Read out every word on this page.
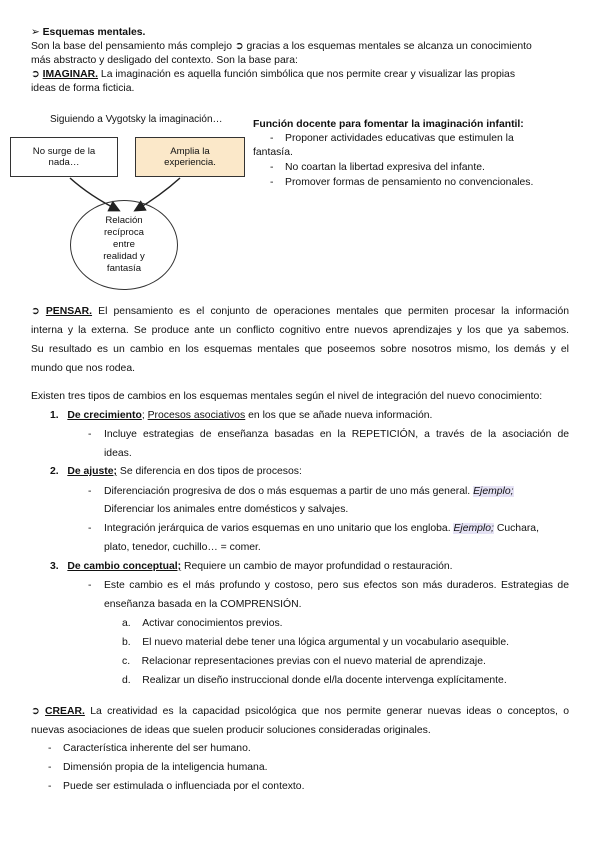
➢ Esquemas mentales.
Son la base del pensamiento más complejo ➲ gracias a los esquemas mentales se alcanza un conocimiento
más abstracto y desligado del contexto. Son la base para:
➲ IMAGINAR. La imaginación es aquella función simbólica que nos permite crear y visualizar las propias
ideas de forma ficticia.
Siguiendo a Vygotsky la imaginación…
No surge de la
nada…
Amplia la
experiencia.
Relación
recíproca
entre
realidad y
fantasía
Función docente para fomentar la imaginación infantil:
- Proponer actividades educativas que estimulen la
fantasía.
- No coartan la libertad expresiva del infante.
- Promover formas de pensamiento no convencionales.
➲ PENSAR. El pensamiento es el conjunto de operaciones mentales que permiten procesar la información
interna y la externa. Se produce ante un conflicto cognitivo entre nuevos aprendizajes y los que ya sabemos.
Su resultado es un cambio en los esquemas mentales que poseemos sobre nosotros mismo, los demás y el
mundo que nos rodea.
Existen tres tipos de cambios en los esquemas mentales según el nivel de integración del nuevo conocimiento:
1. De crecimiento; Procesos asociativos en los que se añade nueva información.
- Incluye estrategias de enseñanza basadas en la REPETICIÓN, a través de la asociación de
ideas.
2. De ajuste; Se diferencia en dos tipos de procesos:
- Diferenciación progresiva de dos o más esquemas a partir de uno más general. Ejemplo;
Diferenciar los animales entre domésticos y salvajes.
- Integración jerárquica de varios esquemas en uno unitario que los engloba. Ejemplo; Cuchara,
plato, tenedor, cuchillo… = comer.
3. De cambio conceptual; Requiere un cambio de mayor profundidad o restauración.
- Este cambio es el más profundo y costoso, pero sus efectos son más duraderos. Estrategias de
enseñanza basada en la COMPRENSIÓN.
a. Activar conocimientos previos.
b. El nuevo material debe tener una lógica argumental y un vocabulario asequible.
c. Relacionar representaciones previas con el nuevo material de aprendizaje.
d. Realizar un diseño instruccional donde el/la docente intervenga explícitamente.
➲ CREAR. La creatividad es la capacidad psicológica que nos permite generar nuevas ideas o conceptos, o
nuevas asociaciones de ideas que suelen producir soluciones consideradas originales.
- Característica inherente del ser humano.
- Dimensión propia de la inteligencia humana.
- Puede ser estimulada o influenciada por el contexto.
